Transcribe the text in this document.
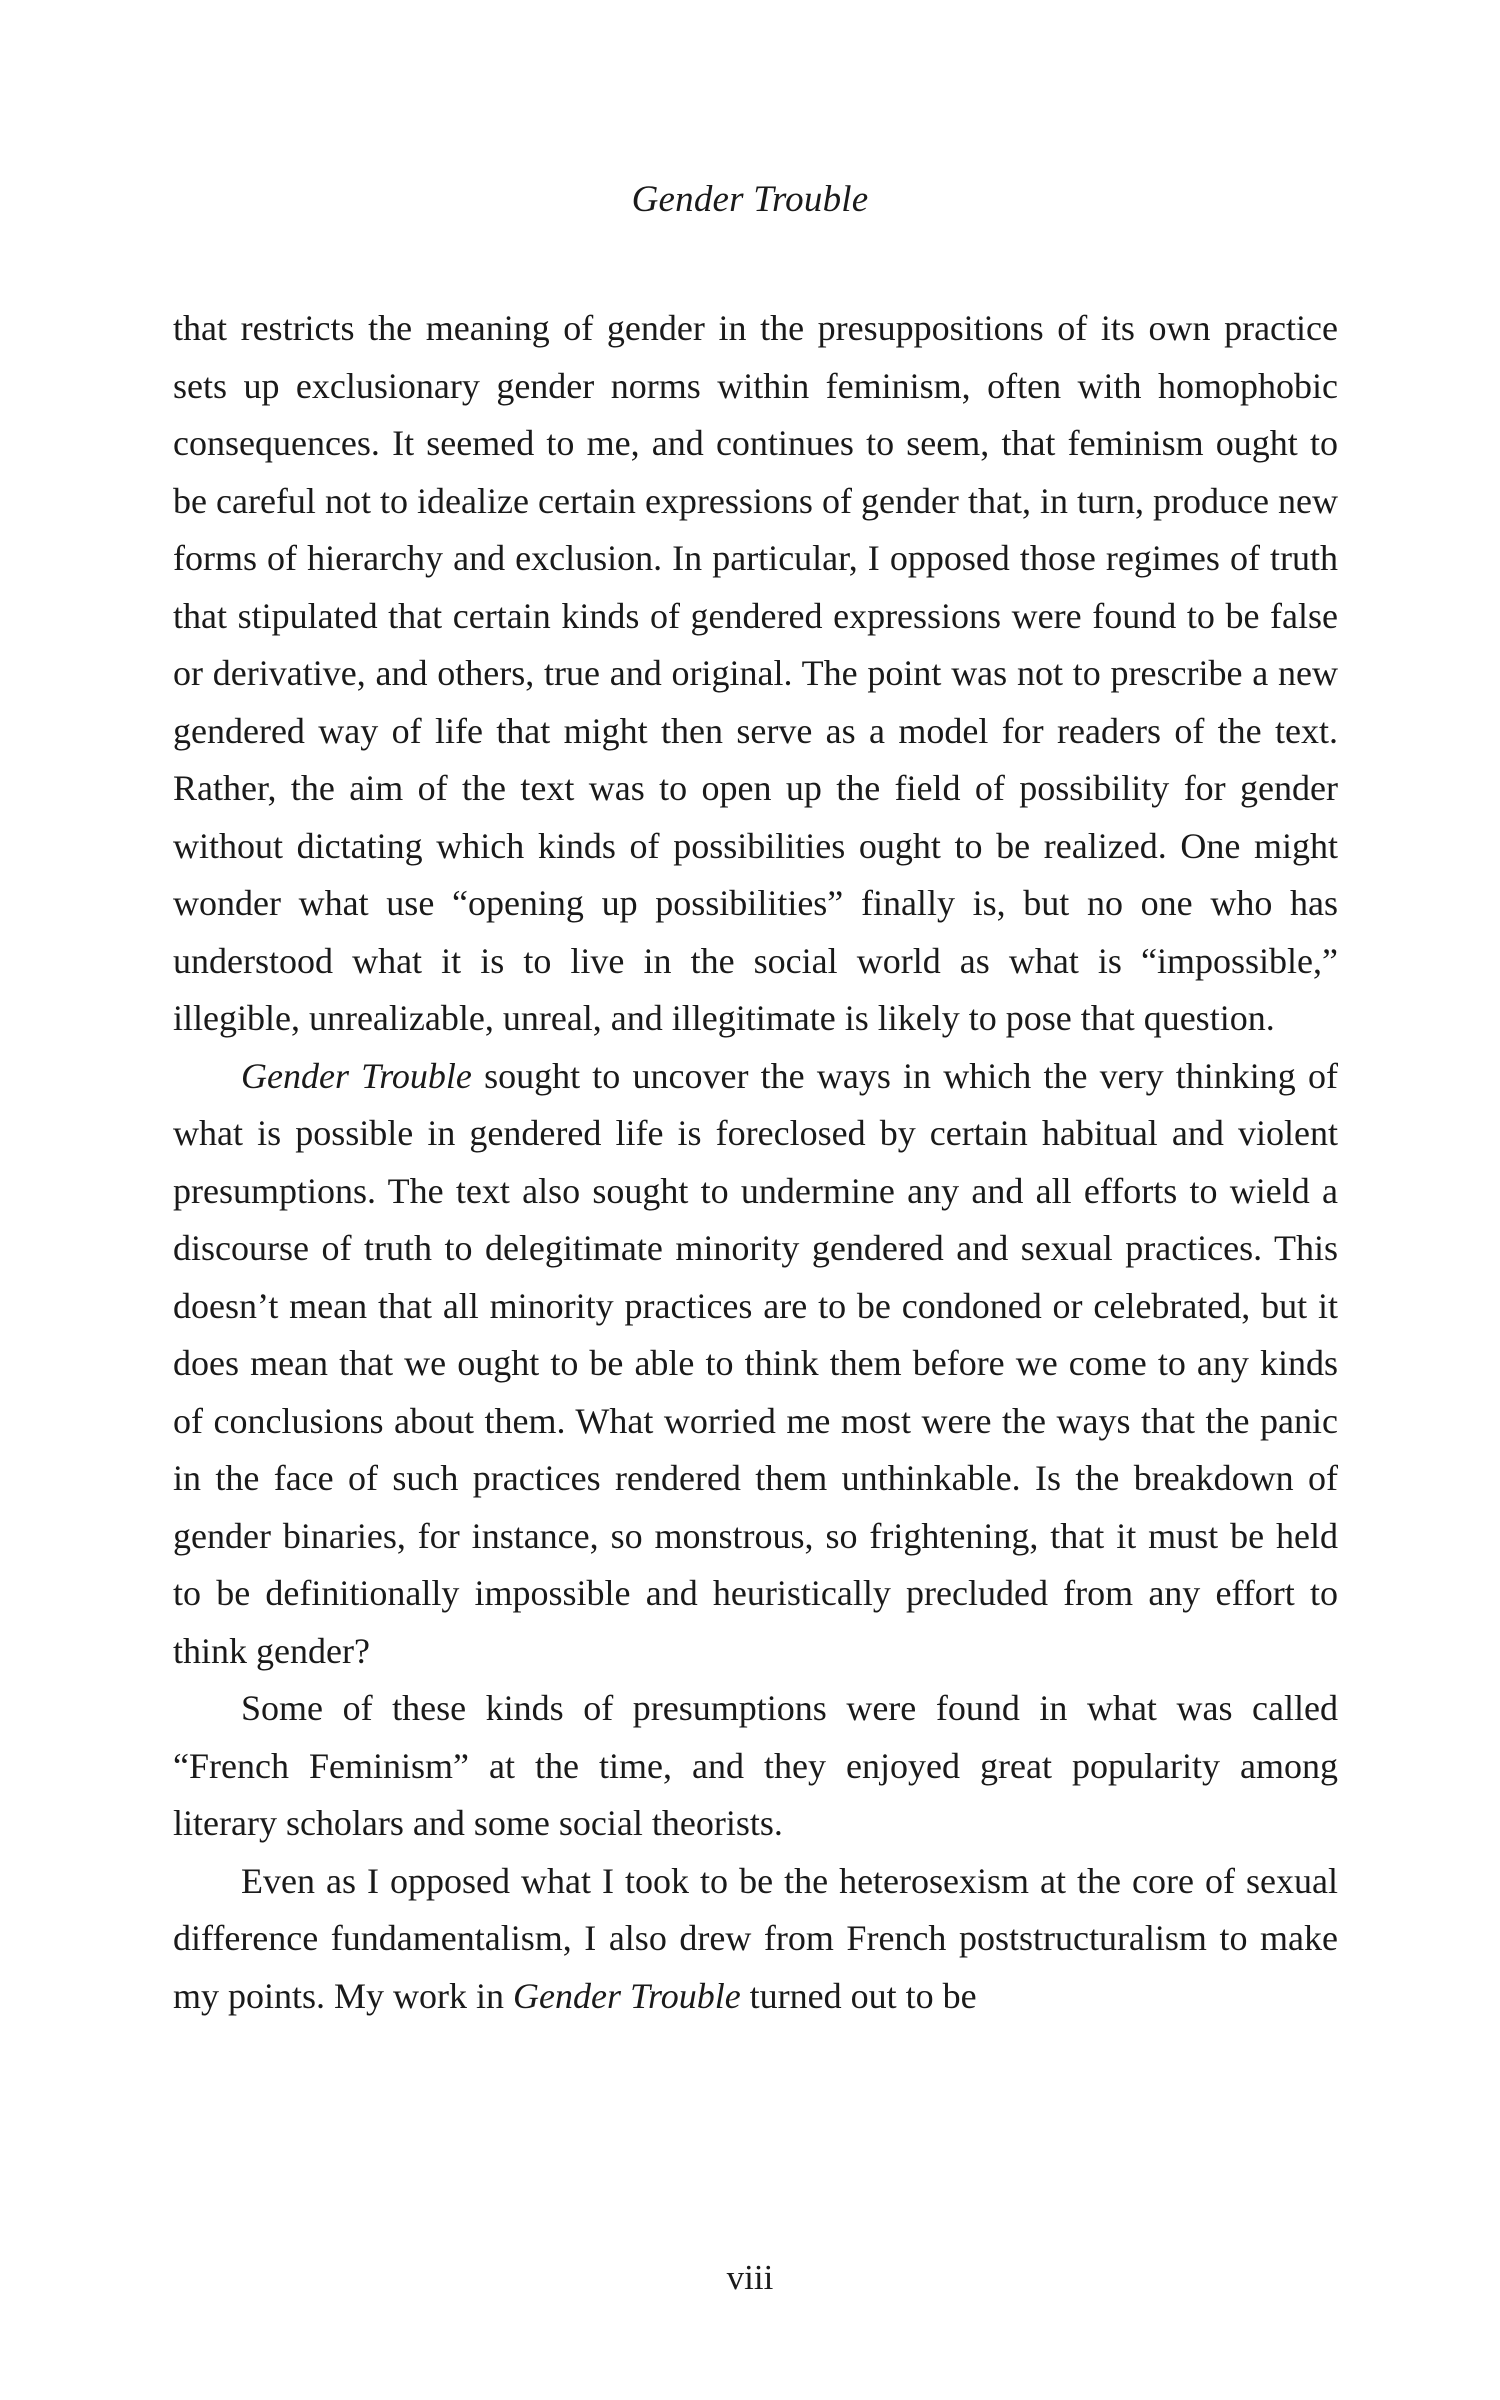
Gender Trouble

that restricts the meaning of gender in the presuppositions of its own practice sets up exclusionary gender norms within feminism, often with homophobic consequences. It seemed to me, and continues to seem, that feminism ought to be careful not to idealize certain expressions of gender that, in turn, produce new forms of hierarchy and exclusion. In particular, I opposed those regimes of truth that stipulated that certain kinds of gendered expressions were found to be false or derivative, and others, true and original. The point was not to prescribe a new gendered way of life that might then serve as a model for readers of the text. Rather, the aim of the text was to open up the field of possibility for gender without dictating which kinds of possibilities ought to be realized. One might wonder what use “opening up possibilities” finally is, but no one who has understood what it is to live in the social world as what is “impossible,” illegible, unrealizable, unreal, and illegitimate is likely to pose that question.

Gender Trouble sought to uncover the ways in which the very thinking of what is possible in gendered life is foreclosed by certain habitual and violent presumptions. The text also sought to undermine any and all efforts to wield a discourse of truth to delegitimate minority gendered and sexual practices. This doesn’t mean that all minority practices are to be condoned or celebrated, but it does mean that we ought to be able to think them before we come to any kinds of conclusions about them. What worried me most were the ways that the panic in the face of such practices rendered them unthinkable. Is the breakdown of gender binaries, for instance, so monstrous, so frightening, that it must be held to be definitionally impossible and heuristically precluded from any effort to think gender?

Some of these kinds of presumptions were found in what was called “French Feminism” at the time, and they enjoyed great popularity among literary scholars and some social theorists.

Even as I opposed what I took to be the heterosexism at the core of sexual difference fundamentalism, I also drew from French poststructuralism to make my points. My work in Gender Trouble turned out to be

viii
